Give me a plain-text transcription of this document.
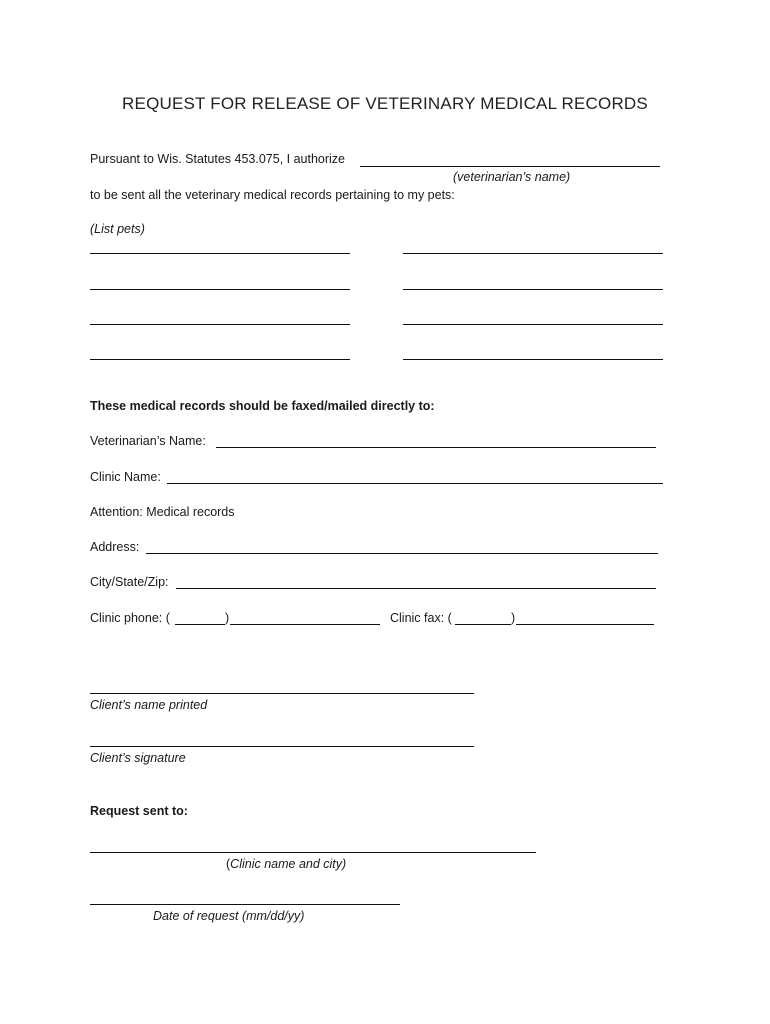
REQUEST FOR RELEASE OF VETERINARY MEDICAL RECORDS
Pursuant to Wis. Statutes 453.075, I authorize
(veterinarian’s name)
to be sent all the veterinary medical records pertaining to my pets:
(List pets)
These medical records should be faxed/mailed directly to:
Veterinarian’s Name:
Clinic Name:
Attention: Medical records
Address:
City/State/Zip:
Clinic phone: (	)	Clinic fax: (	)
Client’s name printed
Client’s signature
Request sent to:
(Clinic name and city)
Date of request (mm/dd/yy)
